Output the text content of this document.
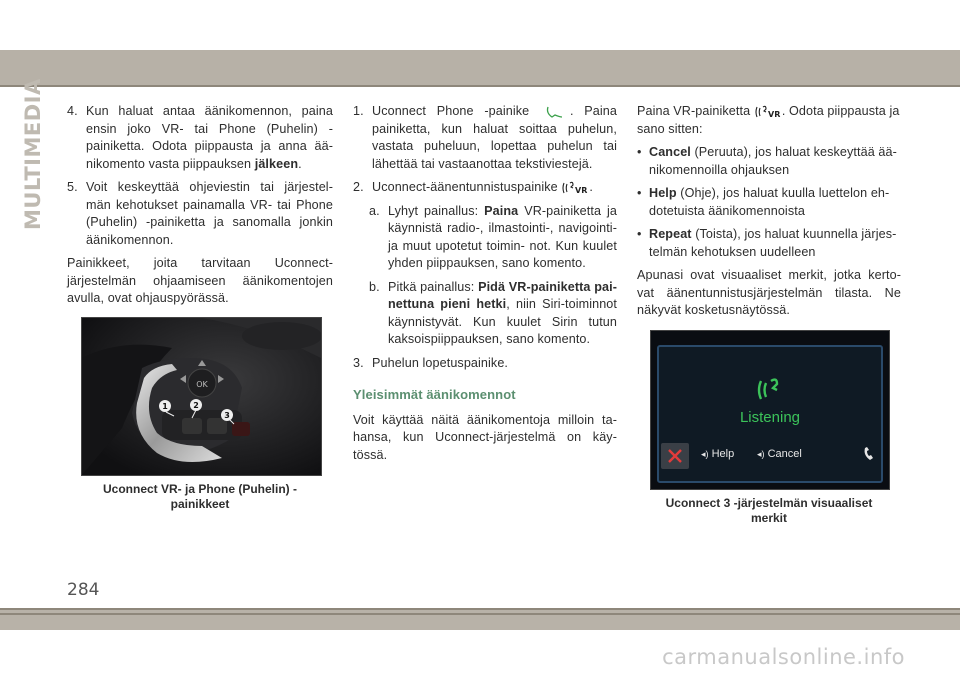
MULTIMEDIA 4. Kun haluat antaa äänikomennon, paina ensin joko VR- tai Phone (Puhelin) -painiketta. Odota piippausta ja anna ää- nikomento vasta piippauksen jälkeen.

5. Voit keskeyttää ohjeviestin tai järjestel- män kehotukset painamalla VR- tai Phone (Puhelin) -painiketta ja sanomalla jonkin äänikomennon.

Painikkeet, joita tarvitaan Uconnect- järjestelmän ohjaamiseen äänikomentojen avulla, ovat ohjauspyörässä.

OK
1	2
3
Uconnect VR- ja Phone (Puhelin) -painikkeet
1. Uconnect Phone -painike	. Paina painiketta, kun haluat soittaa puhelun, vastata puheluun, lopettaa puhelun tai lähettää tai vastaanottaa tekstiviestejä.

2. Uconnect-äänentunnistuspainike VR .

a. Lyhyt painallus: Paina VR-painiketta ja käynnistä radio-, ilmastointi-, navigointi- ja muut upotetut toimin- not. Kun kuulet yhden piippauksen, sano komento.

b. Pitkä painallus: Pidä VR-painiketta pai- nettuna pieni hetki, niin Siri-toiminnot käynnistyvät. Kun kuulet Sirin tutun kaksoispiippauksen, sano komento.

3. Puhelun lopetuspainike.

Yleisimmät äänikomennot

Voit käyttää näitä äänikomentoja milloin ta- hansa, kun Uconnect-järjestelmä on käy- tössä.

Paina VR-painiketta VR . Odota piippausta ja sano sitten:

• Cancel (Peruuta), jos haluat keskeyttää ää- nikomennoilla ohjauksen

• Help (Ohje), jos haluat kuulla luettelon eh- dotetuista äänikomennoista

• Repeat (Toista), jos haluat kuunnella järjes- telmän kehotuksen uudelleen

Apunasi ovat visuaaliset merkit, jotka kerto- vat äänentunnistusjärjestelmän tilasta. Ne näkyvät kosketusnäytössä.

Listening
◂) Help	◂) Cancel
Uconnect 3 -järjestelmän visuaaliset merkit
284
carmanualsonline.info
